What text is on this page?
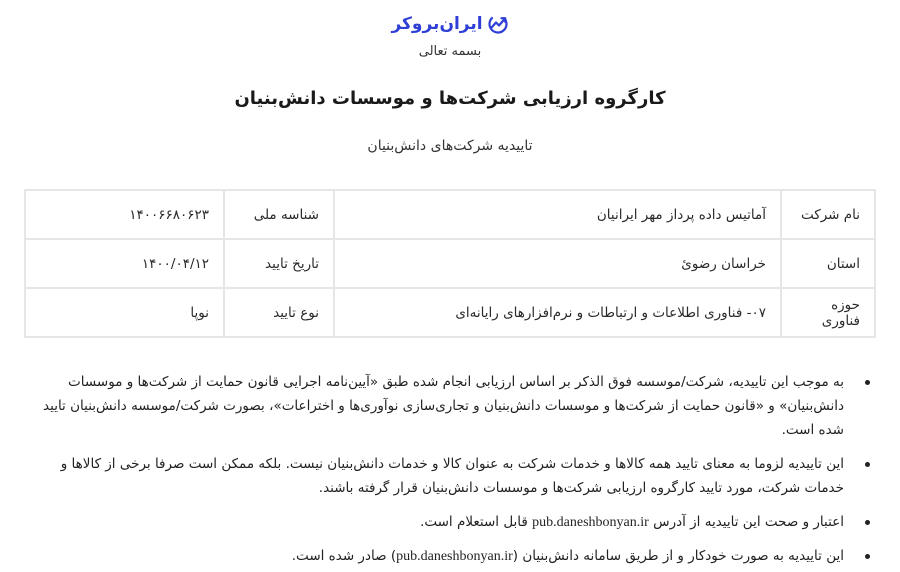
ایران‌بروکر
بسمه تعالی
کارگروه ارزیابی شرکت‌ها و موسسات دانش‌بنیان
تاییدیه شرکت‌های دانش‌بنیان
نام شرکت	آماتیس داده پرداز مهر ایرانیان	شناسه ملی	۱۴۰۰۶۶۸۰۶۲۳
استان	خراسان رضوئ	تاریخ تایید	۱۴۰۰/۰۴/۱۲
حوزه فناوری	۰۷- فناوری اطلاعات و ارتباطات و نرم‌افزارهای رایانه‌ای	نوع تایید	نوپا
به موجب این تاییدیه، شرکت/موسسه فوق الذکر بر اساس ارزیابی انجام شده طبق «آیین‌نامه اجرایی قانون حمایت از شرکت‌ها و موسسات دانش‌بنیان» و «قانون حمایت از شرکت‌ها و موسسات دانش‌بنیان و تجاری‌سازی نوآوری‌ها و اختراعات»، بصورت شرکت/موسسه دانش‌بنیان تایید شده است.
این تاییدیه لزوما به معنای تایید همه کالاها و خدمات شرکت به عنوان کالا و خدمات دانش‌بنیان نیست. بلکه ممکن است صرفا برخی از کالاها و خدمات شرکت، مورد تایید کارگروه ارزیابی شرکت‌ها و موسسات دانش‌بنیان قرار گرفته باشند.
اعتبار و صحت این تاییدیه از آدرس pub.daneshbonyan.ir قابل استعلام است.
این تاییدیه به صورت خودکار و از طریق سامانه دانش‌بنیان (pub.daneshbonyan.ir) صادر شده است.
